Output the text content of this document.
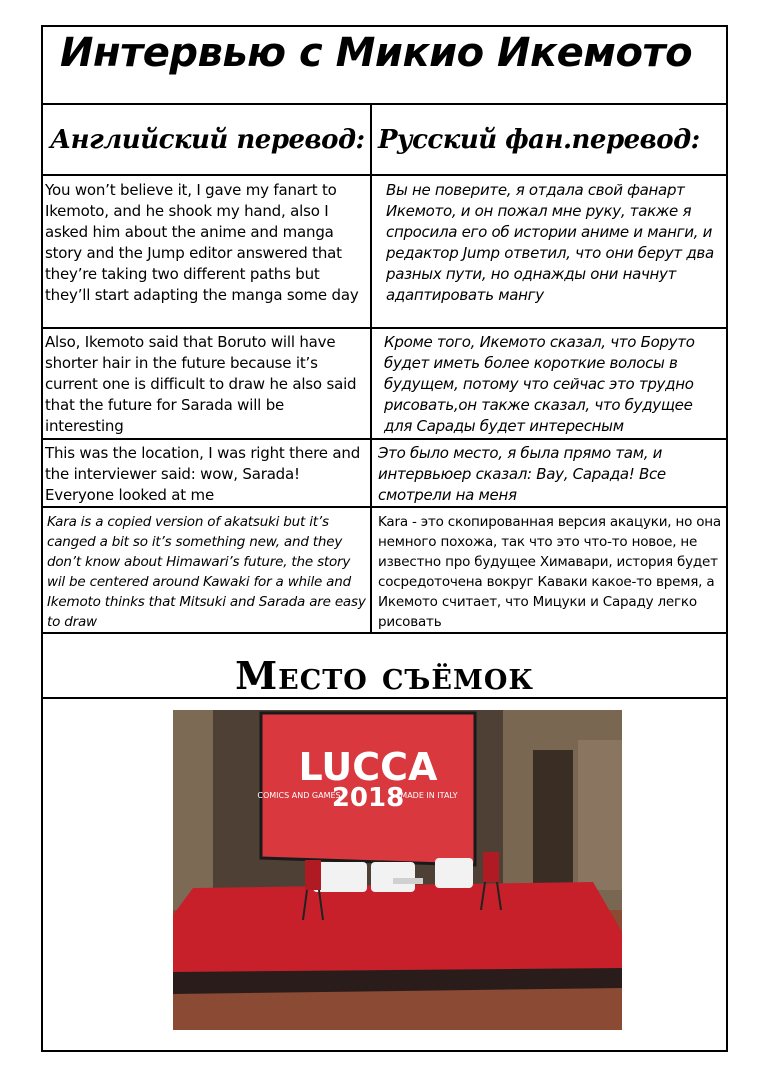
Интервью с Микио Икемото
Английский перевод: Русский фан.перевод:
You won’t believe it, I gave my fanart to Ikemoto, and he shook my hand, also I asked him about the anime and manga story and the Jump editor answered that they’re taking two different paths but they’ll start adapting the manga some day
Вы не поверите, я отдала свой фанарт Икемото, и он пожал мне руку, также я спросила его об истории аниме и манги, и редактор Jump ответил, что они берут два разных пути, но однажды они начнут адаптировать мангу
Also, Ikemoto said that Boruto will have shorter hair in the future because it’s current one is difficult to draw he also said that the future for Sarada will be interesting
Кроме того, Икемото сказал, что Боруто будет иметь более короткие волосы в будущем, потому что сейчас это трудно рисовать,он также сказал, что будущее для Сарады будет интересным
This was the location, I was right there and the interviewer said: wow, Sarada! Everyone looked at me
Это было место, я была прямо там, и интервьюер сказал: Вау, Сарада! Все смотрели на меня
Kara is a copied version of akatsuki but it’s canged a bit so it’s something new, and they don’t know about Himawari’s future, the story wil be centered around Kawaki for a while and Ikemoto thinks that Mitsuki and Sarada are easy to draw
Kara - это скопированная версия акацуки, но она немного похожа, так что это что-то новое, не известно про будущее Химавари, история будет сосредоточена вокруг Каваки какое-то время, а Икемото считает, что Мицуки и Сараду легко рисовать
Место съёмок
LUCCA
COMICS AND GAMES
2018
MADE IN ITALY
